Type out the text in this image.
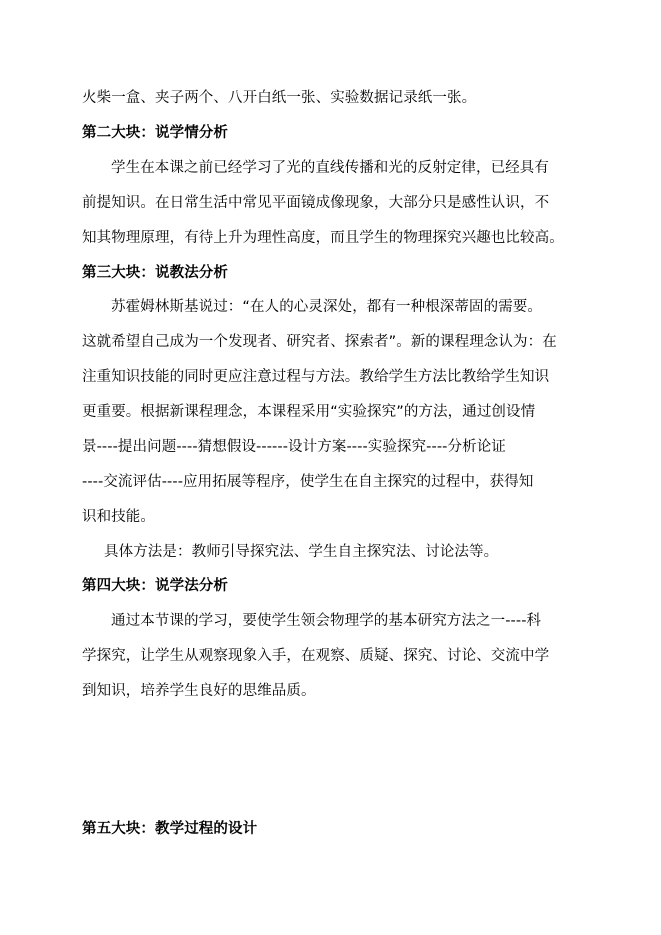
火柴一盒、夹子两个、八开白纸一张、实验数据记录纸一张。
第二大块：说学情分析
学生在本课之前已经学习了光的直线传播和光的反射定律，已经具有
前提知识。在日常生活中常见平面镜成像现象，大部分只是感性认识，不
知其物理原理，有待上升为理性高度，而且学生的物理探究兴趣也比较高。
第三大块：说教法分析
苏霍姆林斯基说过：“在人的心灵深处，都有一种根深蒂固的需要。
这就希望自己成为一个发现者、研究者、探索者”。新的课程理念认为：在
注重知识技能的同时更应注意过程与方法。教给学生方法比教给学生知识
更重要。根据新课程理念，本课程采用“实验探究”的方法，通过创设情
景----提出问题----猜想假设------设计方案----实验探究----分析论证
----交流评估----应用拓展等程序，使学生在自主探究的过程中，获得知
识和技能。
具体方法是：教师引导探究法、学生自主探究法、讨论法等。
第四大块：说学法分析
通过本节课的学习，要使学生领会物理学的基本研究方法之一----科
学探究，让学生从观察现象入手，在观察、质疑、探究、讨论、交流中学
到知识，培养学生良好的思维品质。
第五大块：教学过程的设计
